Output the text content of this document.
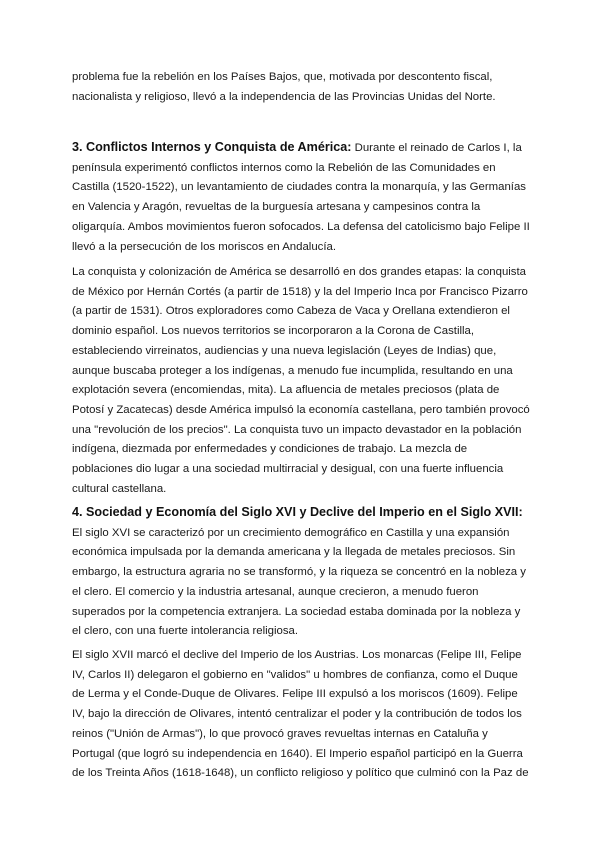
problema fue la rebelión en los Países Bajos, que, motivada por descontento fiscal, nacionalista y religioso, llevó a la independencia de las Provincias Unidas del Norte.

3. Conflictos Internos y Conquista de América: Durante el reinado de Carlos I, la península experimentó conflictos internos como la Rebelión de las Comunidades en Castilla (1520-1522), un levantamiento de ciudades contra la monarquía, y las Germanías en Valencia y Aragón, revueltas de la burguesía artesana y campesinos contra la oligarquía. Ambos movimientos fueron sofocados. La defensa del catolicismo bajo Felipe II llevó a la persecución de los moriscos en Andalucía.

La conquista y colonización de América se desarrolló en dos grandes etapas: la conquista de México por Hernán Cortés (a partir de 1518) y la del Imperio Inca por Francisco Pizarro (a partir de 1531). Otros exploradores como Cabeza de Vaca y Orellana extendieron el dominio español. Los nuevos territorios se incorporaron a la Corona de Castilla, estableciendo virreinatos, audiencias y una nueva legislación (Leyes de Indias) que, aunque buscaba proteger a los indígenas, a menudo fue incumplida, resultando en una explotación severa (encomiendas, mita). La afluencia de metales preciosos (plata de Potosí y Zacatecas) desde América impulsó la economía castellana, pero también provocó una "revolución de los precios". La conquista tuvo un impacto devastador en la población indígena, diezmada por enfermedades y condiciones de trabajo. La mezcla de poblaciones dio lugar a una sociedad multirracial y desigual, con una fuerte influencia cultural castellana.

4. Sociedad y Economía del Siglo XVI y Declive del Imperio en el Siglo XVII: El siglo XVI se caracterizó por un crecimiento demográfico en Castilla y una expansión económica impulsada por la demanda americana y la llegada de metales preciosos. Sin embargo, la estructura agraria no se transformó, y la riqueza se concentró en la nobleza y el clero. El comercio y la industria artesanal, aunque crecieron, a menudo fueron superados por la competencia extranjera. La sociedad estaba dominada por la nobleza y el clero, con una fuerte intolerancia religiosa.

El siglo XVII marcó el declive del Imperio de los Austrias. Los monarcas (Felipe III, Felipe IV, Carlos II) delegaron el gobierno en "validos" u hombres de confianza, como el Duque de Lerma y el Conde-Duque de Olivares. Felipe III expulsó a los moriscos (1609). Felipe IV, bajo la dirección de Olivares, intentó centralizar el poder y la contribución de todos los reinos ("Unión de Armas"), lo que provocó graves revueltas internas en Cataluña y Portugal (que logró su independencia en 1640). El Imperio español participó en la Guerra de los Treinta Años (1618-1648), un conflicto religioso y político que culminó con la Paz de
